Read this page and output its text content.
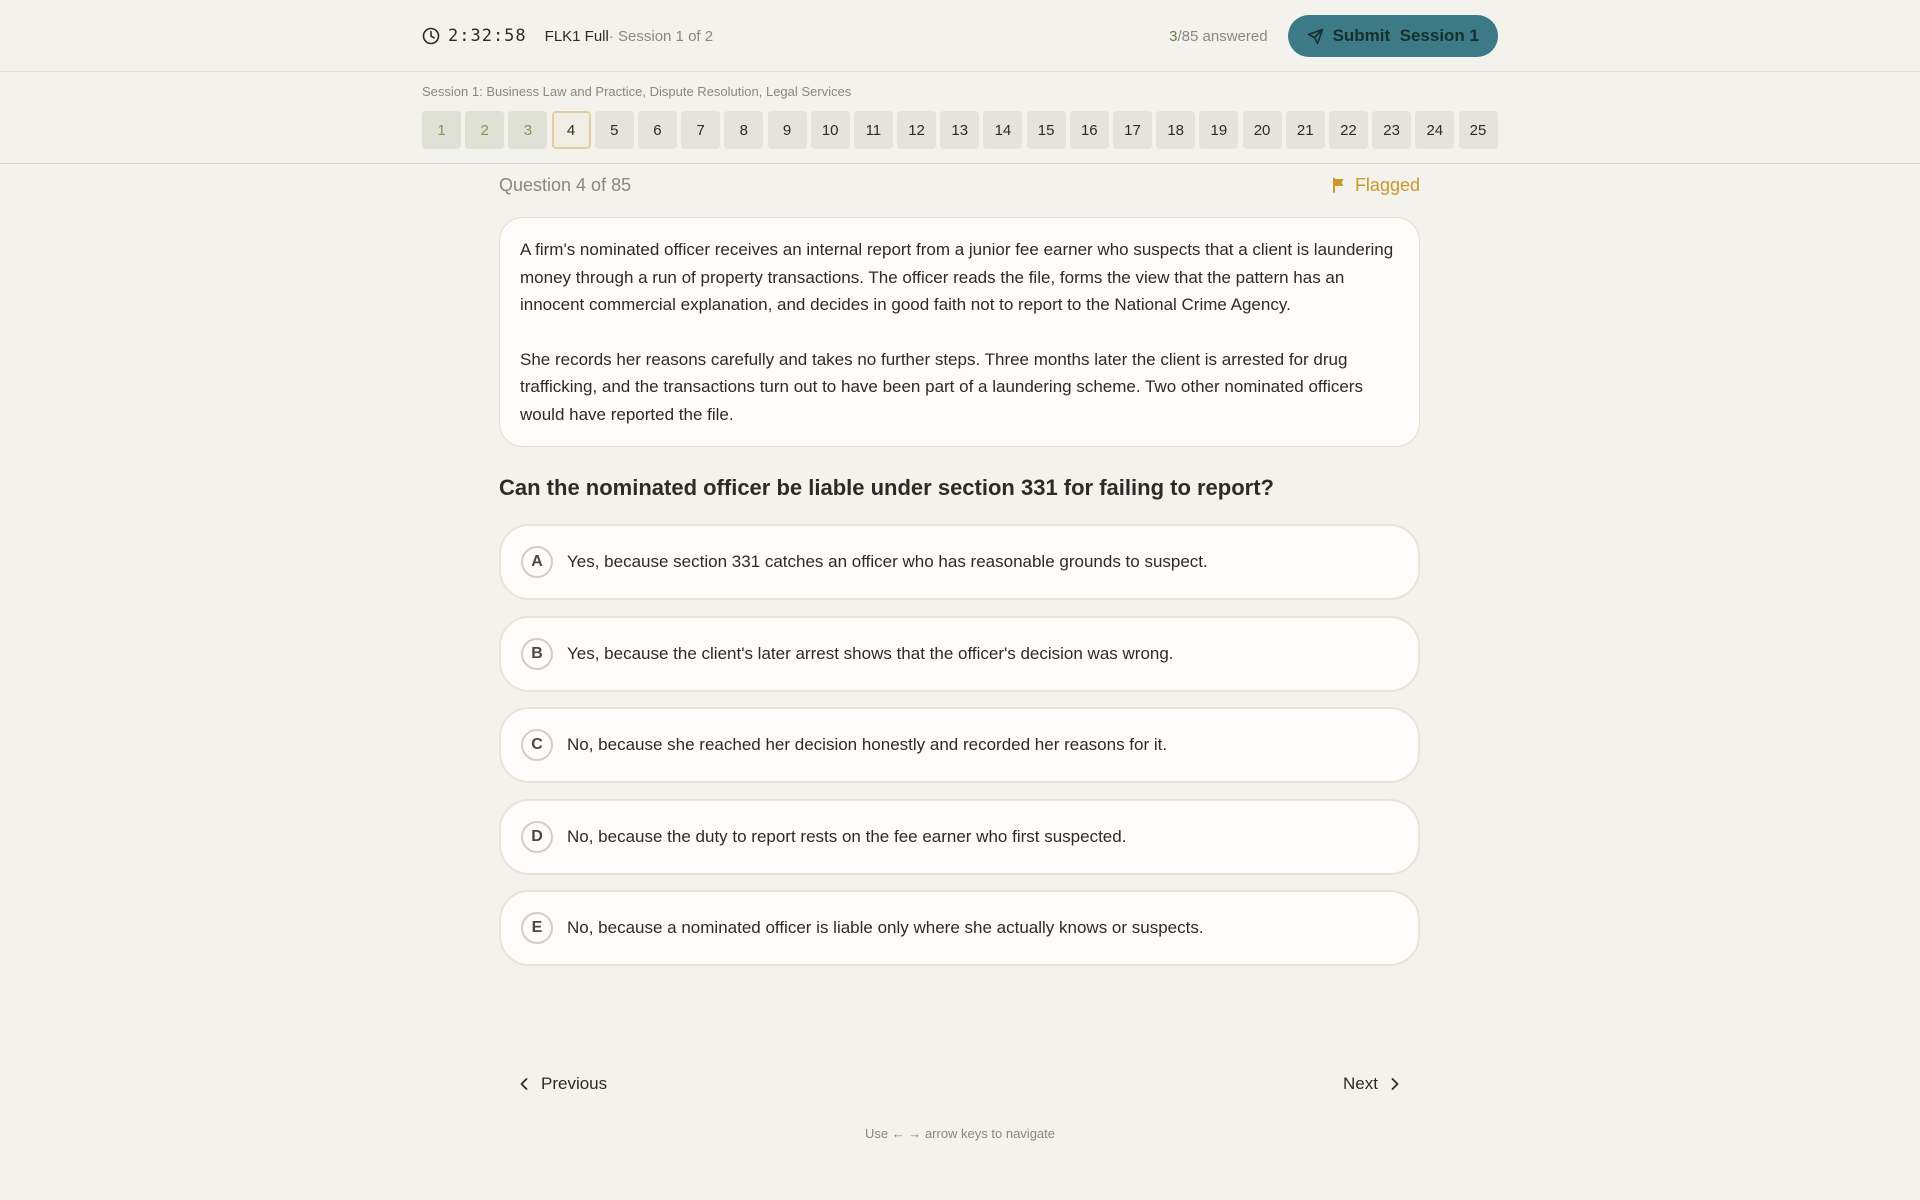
2:32:58 FLK1 Full · Session 1 of 2	3/85 answered	Submit  Session 1
Session 1: Business Law and Practice, Dispute Resolution, Legal Services
1	2	3	4	5	6	7	8	9	10	11	12	13	14	15	16	17	18	19	20	21	22	23	24	25
Question 4 of 85	Flagged

A firm's nominated officer receives an internal report from a junior fee earner who suspects that a client is laundering money through a run of property transactions. The officer reads the file, forms the view that the pattern has an innocent commercial explanation, and decides in good faith not to report to the National Crime Agency.

She records her reasons carefully and takes no further steps. Three months later the client is arrested for drug trafficking, and the transactions turn out to have been part of a laundering scheme. Two other nominated officers would have reported the file.

Can the nominated officer be liable under section 331 for failing to report?
A	Yes, because section 331 catches an officer who has reasonable grounds to suspect.
B	Yes, because the client's later arrest shows that the officer's decision was wrong.
C	No, because she reached her decision honestly and recorded her reasons for it.
D	No, because the duty to report rests on the fee earner who first suspected.
E	No, because a nominated officer is liable only where she actually knows or suspects.
Previous	Next
Use ← → arrow keys to navigate
